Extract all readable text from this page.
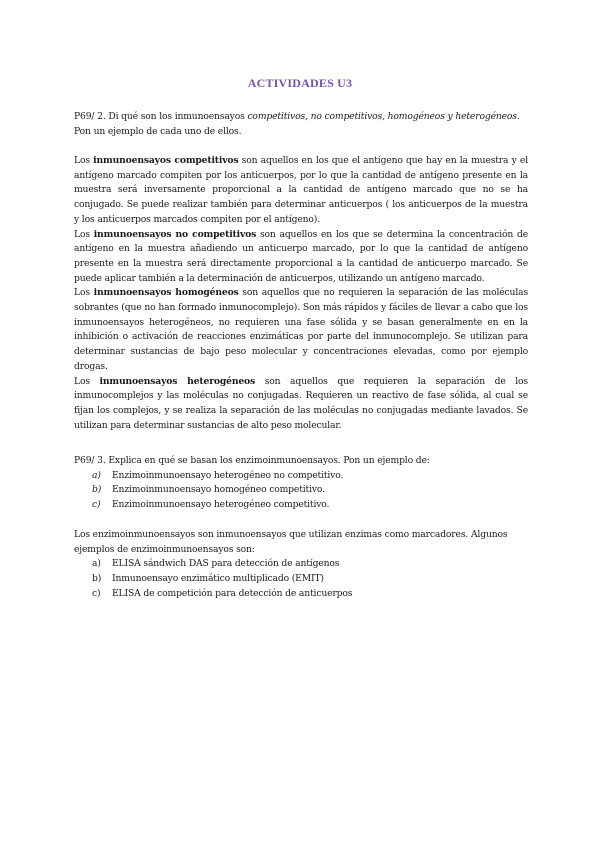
ACTIVIDADES U3

P69/ 2. Di qué son los inmunoensayos competitivos, no competitivos, homogéneos y heterogéneos. Pon un ejemplo de cada uno de ellos.

Los inmunoensayos competitivos son aquellos en los que el antígeno que hay en la muestra y el antígeno marcado compiten por los anticuerpos, por lo que la cantidad de antígeno presente en la muestra será inversamente proporcional a la cantidad de antígeno marcado que no se ha conjugado. Se puede realizar también para determinar anticuerpos ( los anticuerpos de la muestra y los anticuerpos marcados compiten por el antígeno).

Los inmunoensayos no competitivos son aquellos en los que se determina la concentración de antígeno en la muestra añadiendo un anticuerpo marcado, por lo que la cantidad de antígeno presente en la muestra será directamente proporcional a la cantidad de anticuerpo marcado. Se puede aplicar también a la determinación de anticuerpos, utilizando un antígeno marcado.

Los inmunoensayos homogéneos son aquellos que no requieren la separación de las moléculas sobrantes (que no han formado inmunocomplejo). Son más rápidos y fáciles de llevar a cabo que los inmunoensayos heterogéneos, no requieren una fase sólida y se basan generalmente en en la inhibición o activación de reacciones enzimáticas por parte del inmunocomplejo. Se utilizan para determinar sustancias de bajo peso molecular y concentraciones elevadas, como por ejemplo drogas.

Los inmunoensayos heterogéneos son aquellos que requieren la separación de los inmunocomplejos y las moléculas no conjugadas. Requieren un reactivo de fase sólida, al cual se fijan los complejos, y se realiza la separación de las moléculas no conjugadas mediante lavados. Se utilizan para determinar sustancias de alto peso molecular.

P69/ 3. Explica en qué se basan los enzimoinmunoensayos. Pon un ejemplo de:

a)	Enzimoinmunoensayo heterogéneo no competitivo.
b)	Enzimoinmunoensayo homogéneo competitivo.
c)	Enzimoinmunoensayo heterogéneo competitivo.

Los enzimoinmunoensayos son inmunoensayos que utilizan enzimas como marcadores. Algunos ejemplos de enzimoinmunoensayos son:

a)	ELISA sándwich DAS para detección de antígenos
b)	Inmunoensayo enzimático multiplicado (EMIT)
c)	ELISA de competición para detección de anticuerpos
